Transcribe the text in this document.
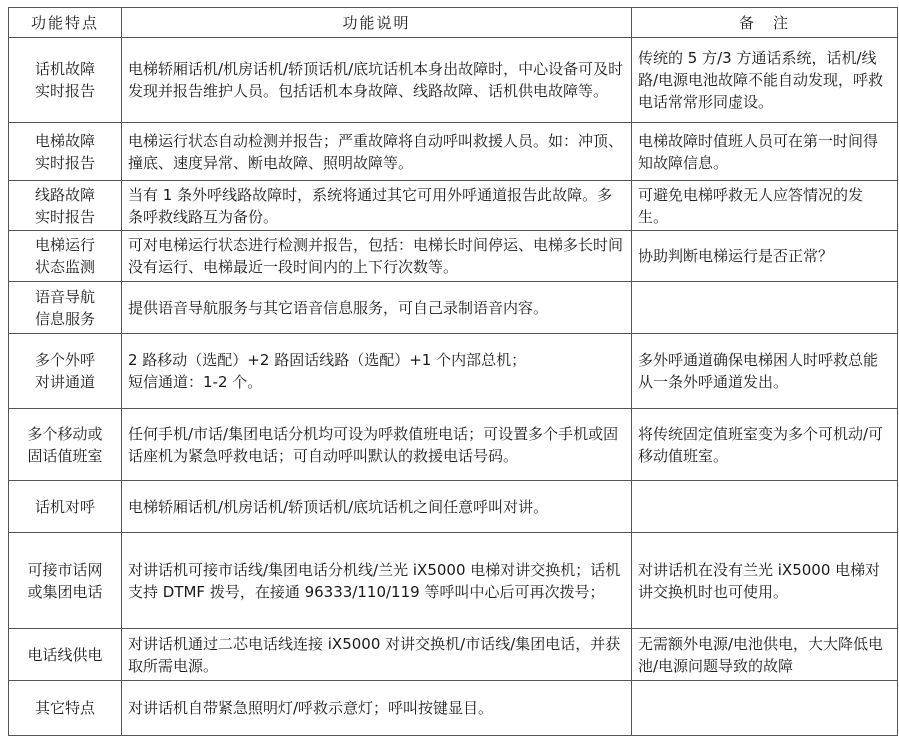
功能特点	功能说明	备　注
话机故障
实时报告	电梯轿厢话机/机房话机/轿顶话机/底坑话机本身出故障时，中心设备可及时发现并报告维护人员。包括话机本身故障、线路故障、话机供电故障等。	传统的 5 方/3 方通话系统，话机/线路/电源电池故障不能自动发现，呼救电话常常形同虚设。
电梯故障
实时报告	电梯运行状态自动检测并报告；严重故障将自动呼叫救援人员。如：冲顶、撞底、速度异常、断电故障、照明故障等。	电梯故障时值班人员可在第一时间得知故障信息。
线路故障
实时报告	当有 1 条外呼线路故障时，系统将通过其它可用外呼通道报告此故障。多条呼救线路互为备份。	可避免电梯呼救无人应答情况的发生。
电梯运行
状态监测	可对电梯运行状态进行检测并报告，包括：电梯长时间停运、电梯多长时间没有运行、电梯最近一段时间内的上下行次数等。	协助判断电梯运行是否正常？
语音导航
信息服务	提供语音导航服务与其它语音信息服务，可自己录制语音内容。	
多个外呼
对讲通道	2 路移动（选配）+2 路固话线路（选配）+1 个内部总机；
短信通道：1-2 个。	多外呼通道确保电梯困人时呼救总能从一条外呼通道发出。
多个移动或
固话值班室	任何手机/市话/集团电话分机均可设为呼救值班电话；可设置多个手机或固话座机为紧急呼救电话；可自动呼叫默认的救援电话号码。	将传统固定值班室变为多个可机动/可移动值班室。
话机对呼	电梯轿厢话机/机房话机/轿顶话机/底坑话机之间任意呼叫对讲。	
可接市话网
或集团电话	对讲话机可接市话线/集团电话分机线/兰光 iX5000 电梯对讲交换机；话机支持 DTMF 拨号，在接通 96333/110/119 等呼叫中心后可再次拨号；	对讲话机在没有兰光 iX5000 电梯对讲交换机时也可使用。
电话线供电	对讲话机通过二芯电话线连接 iX5000 对讲交换机/市话线/集团电话，并获取所需电源。	无需额外电源/电池供电，大大降低电池/电源问题导致的故障
其它特点	对讲话机自带紧急照明灯/呼救示意灯；呼叫按键显目。	
